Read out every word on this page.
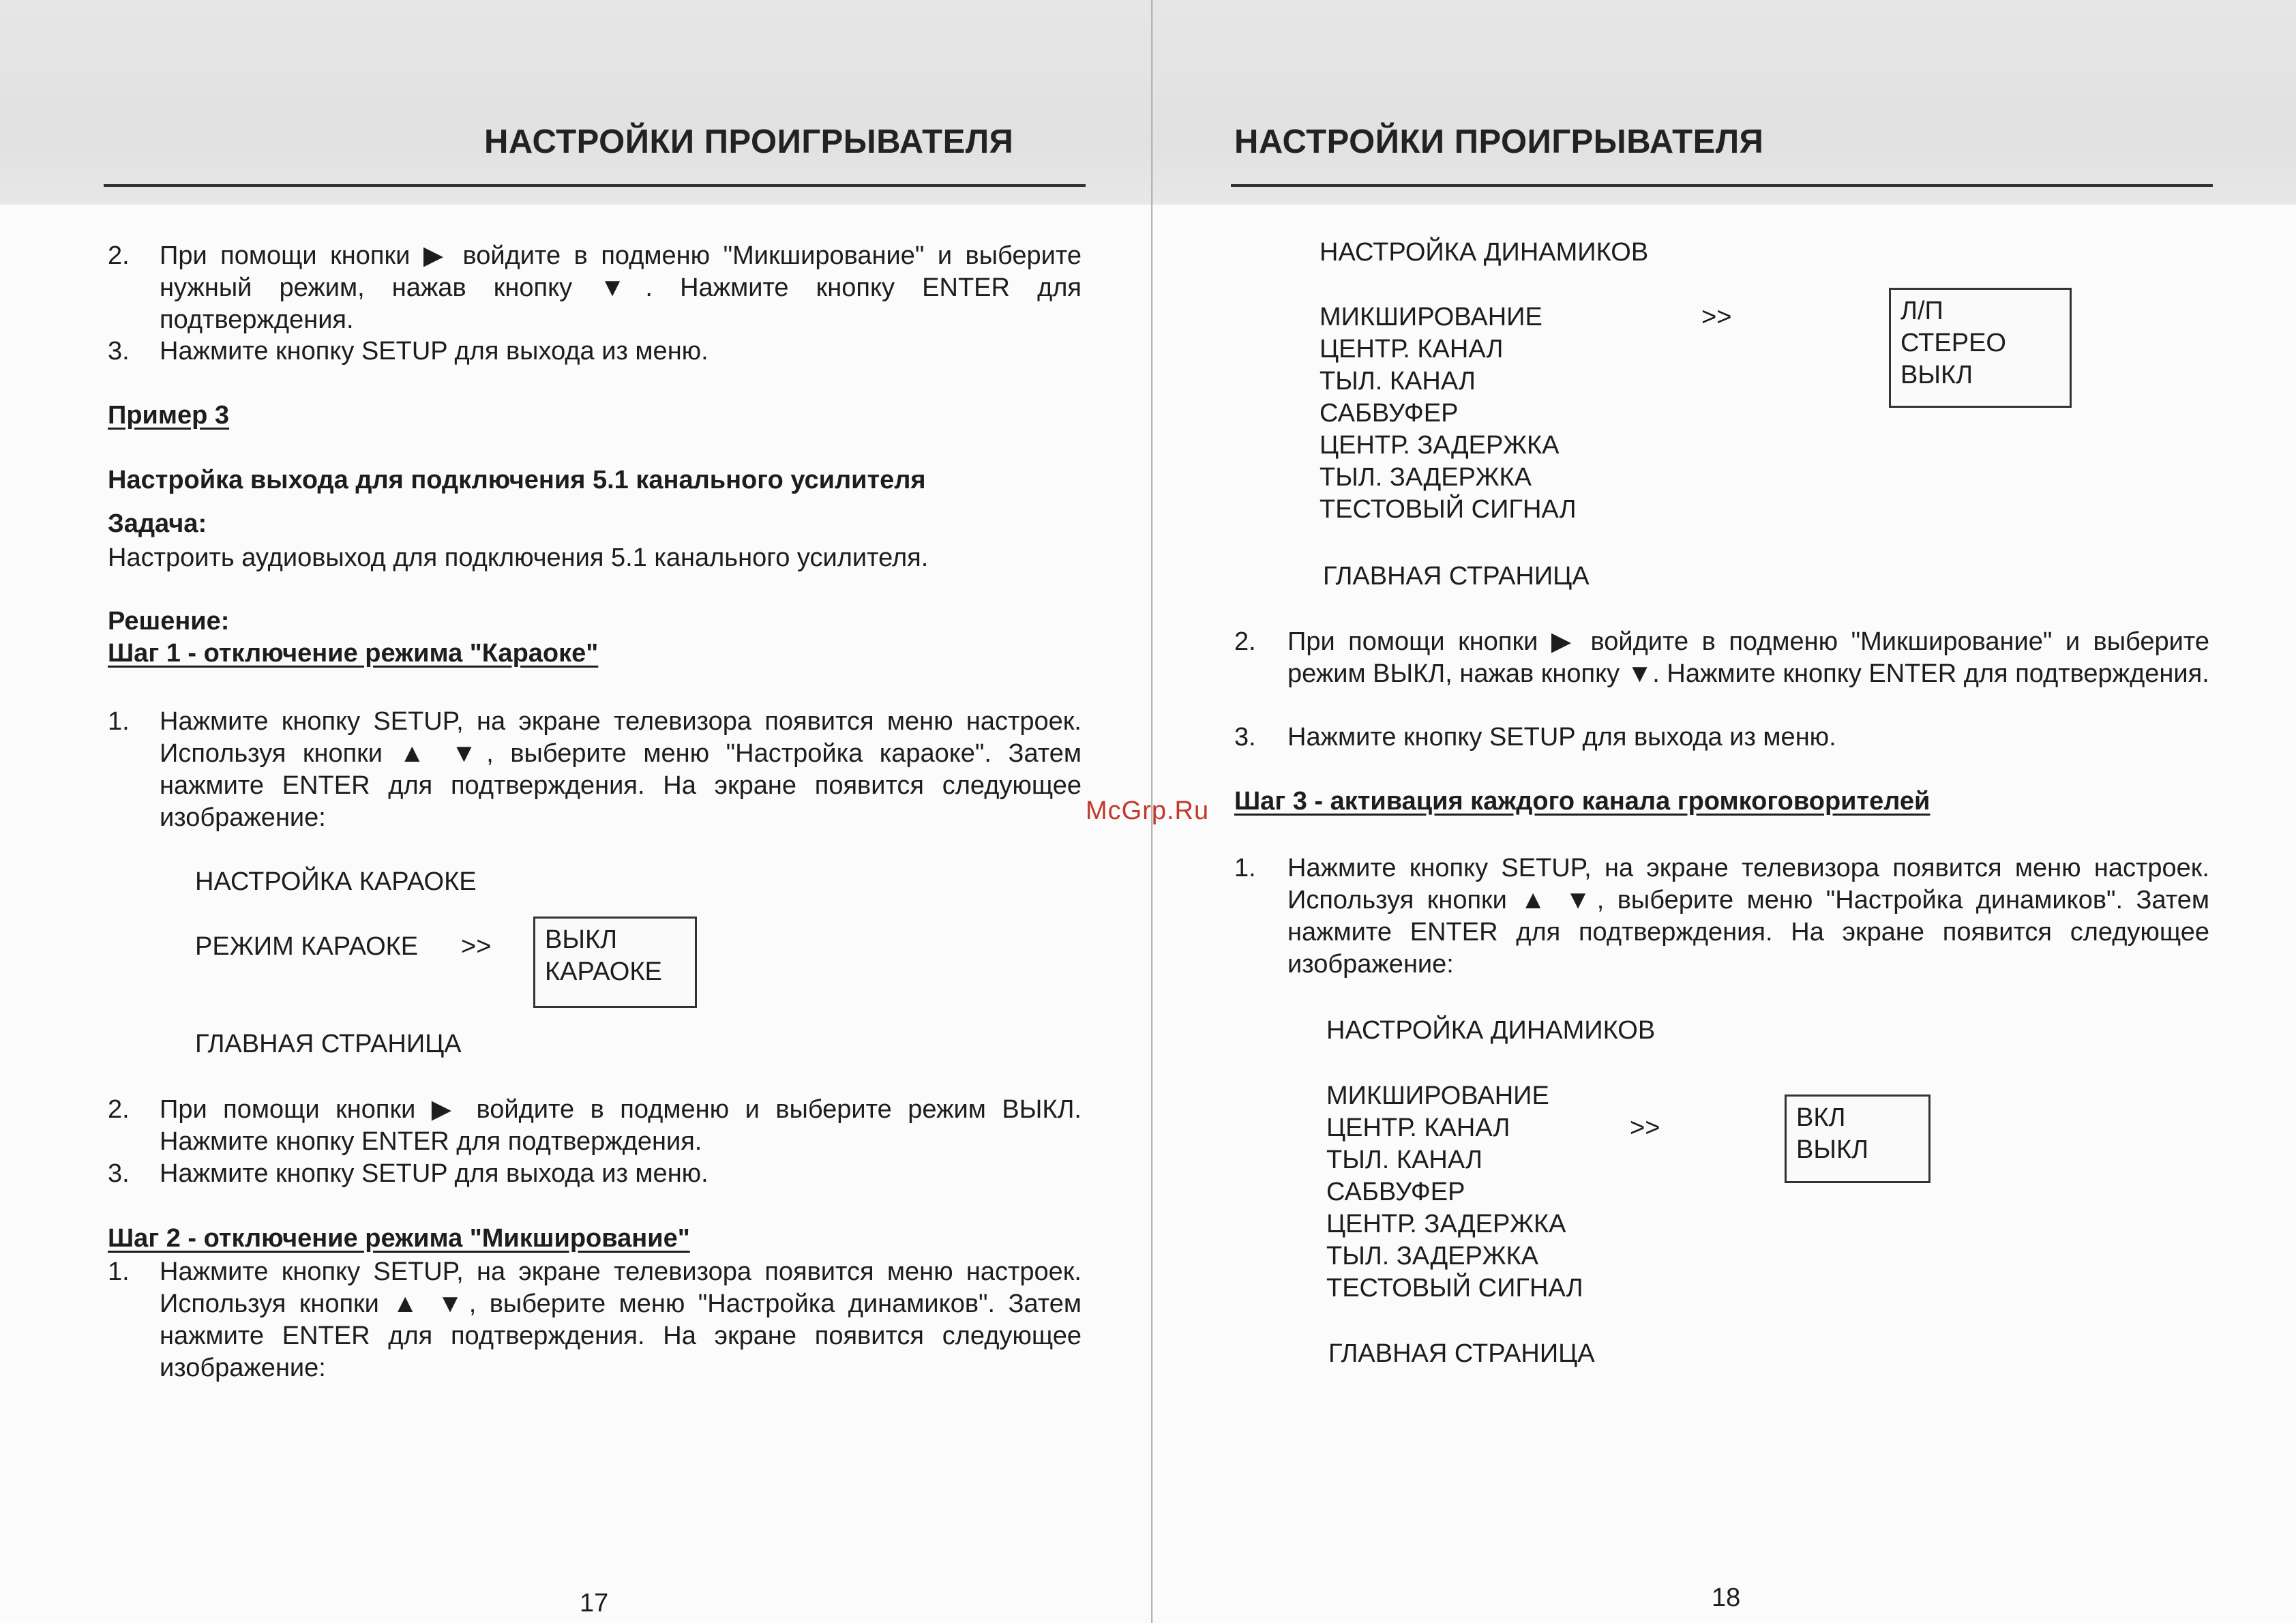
НАСТРОЙКИ ПРОИГРЫВАТЕЛЯ
2. При помощи кнопки ▶ войдите в подменю "Микширование" и выберите нужный режим, нажав кнопку ▼. Нажмите кнопку ENTER для подтверждения.
3. Нажмите кнопку SETUP для выхода из меню.
Пример 3
Настройка выхода для подключения 5.1 канального усилителя
Задача:
Настроить аудиовыход для подключения 5.1 канального усилителя.
Решение:
Шаг 1 - отключение режима "Караоке"
1. Нажмите кнопку SETUP, на экране телевизора появится меню настроек. Используя кнопки ▲ ▼, выберите меню "Настройка караоке". Затем нажмите ENTER для подтверждения. На экране появится следующее изображение:
НАСТРОЙКА КАРАОКЕ
РЕЖИМ КАРАОКЕ >> ВЫКЛ
КАРАОКЕ
ГЛАВНАЯ СТРАНИЦА
2. При помощи кнопки ▶ войдите в подменю и выберите режим ВЫКЛ. Нажмите кнопку ENTER для подтверждения.
3. Нажмите кнопку SETUP для выхода из меню.
Шаг 2 - отключение режима "Микширование"
1. Нажмите кнопку SETUP, на экране телевизора появится меню настроек. Используя кнопки ▲ ▼, выберите меню "Настройка динамиков". Затем нажмите ENTER для подтверждения. На экране появится следующее изображение:
17
НАСТРОЙКИ ПРОИГРЫВАТЕЛЯ
НАСТРОЙКА ДИНАМИКОВ
МИКШИРОВАНИЕ
ЦЕНТР. КАНАЛ
ТЫЛ. КАНАЛ
САБВУФЕР
ЦЕНТР. ЗАДЕРЖКА
ТЫЛ. ЗАДЕРЖКА
ТЕСТОВЫЙ СИГНАЛ
>>	Л/П
СТЕРЕО
ВЫКЛ
ГЛАВНАЯ СТРАНИЦА
2. При помощи кнопки ▶ войдите в подменю "Микширование" и выберите режим ВЫКЛ, нажав кнопку ▼. Нажмите кнопку ENTER для подтверждения.
3. Нажмите кнопку SETUP для выхода из меню.
Шаг 3 - активация каждого канала громкоговорителей
1. Нажмите кнопку SETUP, на экране телевизора появится меню настроек. Используя кнопки ▲ ▼, выберите меню "Настройка динамиков". Затем нажмите ENTER для подтверждения. На экране появится следующее изображение:
НАСТРОЙКА ДИНАМИКОВ
МИКШИРОВАНИЕ
ЦЕНТР. КАНАЛ
ТЫЛ. КАНАЛ
САБВУФЕР
ЦЕНТР. ЗАДЕРЖКА
ТЫЛ. ЗАДЕРЖКА
ТЕСТОВЫЙ СИГНАЛ
>>	ВКЛ
ВЫКЛ
ГЛАВНАЯ СТРАНИЦА
18
McGrp.Ru
